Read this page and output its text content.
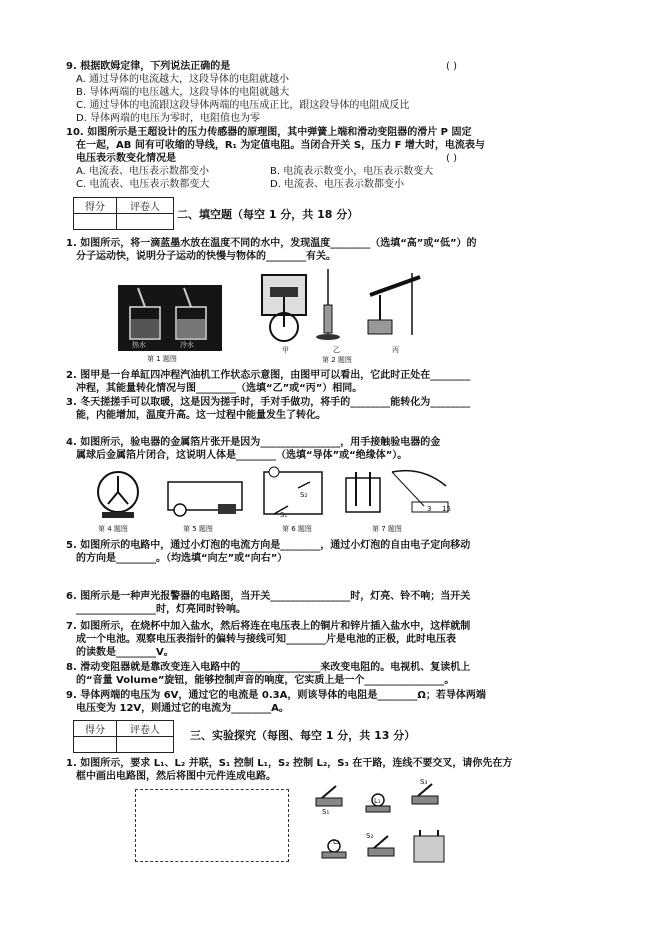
9. 根据欧姆定律，下列说法正确的是	( )
A. 通过导体的电流越大，这段导体的电阻就越小
B. 导体两端的电压越大，这段导体的电阻就越大
C. 通过导体的电流跟这段导体两端的电压成正比，跟这段导体的电阻成反比
D. 导体两端的电压为零时，电阻值也为零
10. 如图所示是王超设计的压力传感器的原理图，其中弹簧上端和滑动变阻器的滑片 P 固定
在一起，AB 间有可收缩的导线，R₁ 为定值电阻。当闭合开关 S，压力 F 增大时，电流表与
电压表示数变化情况是	( )
A. 电流表、电压表示数都变小	B. 电流表示数变小，电压表示数变大
C. 电流表、电压表示数都变大	D. 电流表、电压表示数都变小
得分	评卷人

二、填空题（每空 1 分，共 18 分）
1. 如图所示，将一滴蓝墨水放在温度不同的水中，发现温度________（选填“高”或“低”）的
分子运动快，说明分子运动的快慢与物体的________有关。
热水	冷水
第 1 题图
甲	乙	丙
第 2 题图
2. 图甲是一台单缸四冲程汽油机工作状态示意图，由图甲可以看出，它此时正处在________
冲程，其能量转化情况与图________（选填“乙”或“丙”）相同。
3. 冬天搓搓手可以取暖，这是因为搓手时，手对手做功，将手的________能转化为________
能，内能增加，温度升高。这一过程中能量发生了转化。
4. 如图所示，验电器的金属箔片张开是因为________________，用手接触验电器的金
属球后金属箔片闭合，这说明人体是________（选填“导体”或“绝缘体”）。
第 4 题图	第 5 题图
S₂
S₁
第 6 题图
3 15
第 7 题图
5. 如图所示的电路中，通过小灯泡的电流方向是________，通过小灯泡的自由电子定向移动
的方向是________。（均选填“向左”或“向右”）
6. 图所示是一种声光报警器的电路图，当开关________________时，灯亮、铃不响；当开关
________________时，灯亮同时铃响。
7. 如图所示，在烧杯中加入盐水，然后将连在电压表上的铜片和锌片插入盐水中，这样就制
成一个电池。观察电压表指针的偏转与接线可知________片是电池的正极，此时电压表
的读数是________V。
8. 滑动变阻器就是靠改变连入电路中的________________来改变电阻的。电视机、复读机上
的“音量 Volume”旋钮，能够控制声音的响度，它实质上是一个________________。
9. 导体两端的电压为 6V，通过它的电流是 0.3A，则该导体的电阻是________Ω；若导体两端
电压变为 12V，则通过它的电流为________A。
得分	评卷人
		三、实验探究（每图、每空 1 分，共 13 分）
1. 如图所示，要求 L₁、L₂ 并联，S₁ 控制 L₁，S₂ 控制 L₂，S₃ 在干路，连线不要交叉，请你先在方
框中画出电路图，然后将图中元件连成电路。
S₁
L₁
S₃
L₂
S₂
